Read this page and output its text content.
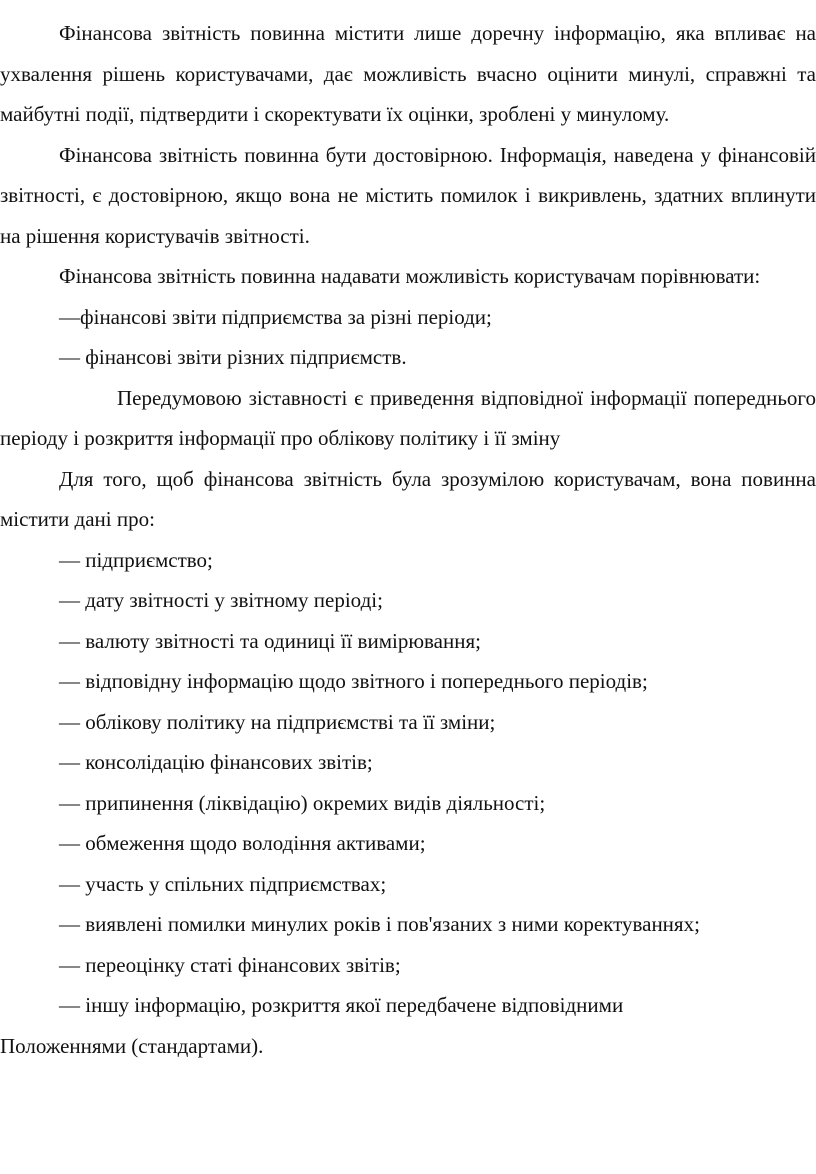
Фінансова звітність повинна містити лише доречну інформацію, яка впливає на ухвалення рішень користувачами, дає можливість вчасно оцінити минулі, справжні та майбутні події, підтвердити і скоректувати їх оцінки, зроблені у минулому.

Фінансова звітність повинна бути достовірною. Інформація, наведена у фінансовій звітності, є достовірною, якщо вона не містить помилок і викривлень, здатних вплинути на рішення користувачів звітності.

Фінансова звітність повинна надавати можливість користувачам порівнювати:

—фінансові звіти підприємства за різні періоди;

— фінансові звіти різних підприємств.

Передумовою зіставності є приведення відповідної інформації попереднього періоду і розкриття інформації про облікову політику і її зміну

Для того, щоб фінансова звітність була зрозумілою користувачам, вона повинна містити дані про:

— підприємство;

— дату звітності у звітному періоді;

— валюту звітності та одиниці її вимірювання;

— відповідну інформацію щодо звітного і попереднього періодів;

— облікову політику на підприємстві та її зміни;

— консолідацію фінансових звітів;

— припинення (ліквідацію) окремих видів діяльності;

— обмеження щодо володіння активами;

— участь у спільних підприємствах;

— виявлені помилки минулих років і пов'язаних з ними коректуваннях;

— переоцінку статі фінансових звітів;

— іншу інформацію, розкриття якої передбачене відповідними

Положеннями (стандартами).
